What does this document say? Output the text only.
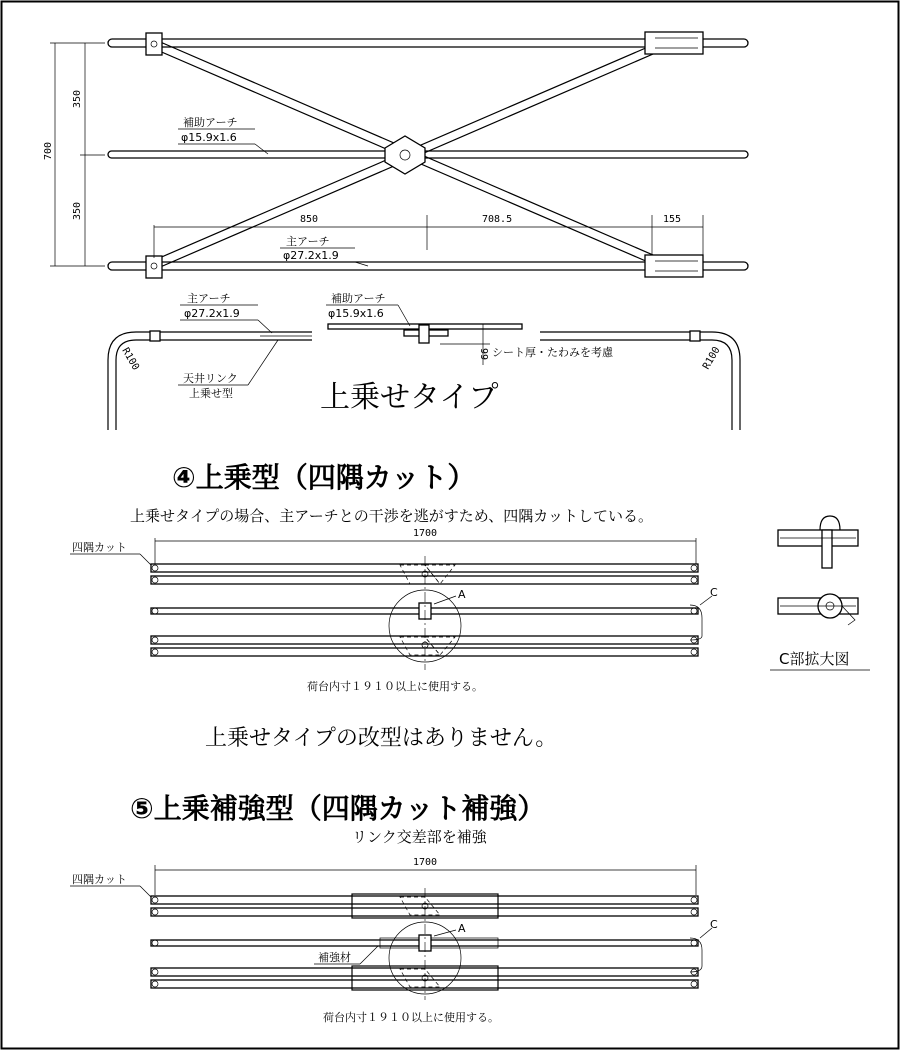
700
350
350	850	708.5	155
補助アーチ
φ15.9x1.6
主アーチ
φ27.2x1.9
66 シート厚・たわみを考慮
R100	R100
主アーチ
φ27.2x1.9
補助アーチ
φ15.9x1.6
天井リンク
上乗せ型	上乗せタイプ
④上乗型（四隅カット）
上乗せタイプの場合、主アーチとの干渉を逃がすため、四隅カットしている。
1700
四隅カット
A	C
荷台内寸１９１０以上に使用する。
C部拡大図
上乗せタイプの改型はありません。
⑤上乗補強型（四隅カット補強）
リンク交差部を補強
1700
四隅カット
A
補強材
C
荷台内寸１９１０以上に使用する。
